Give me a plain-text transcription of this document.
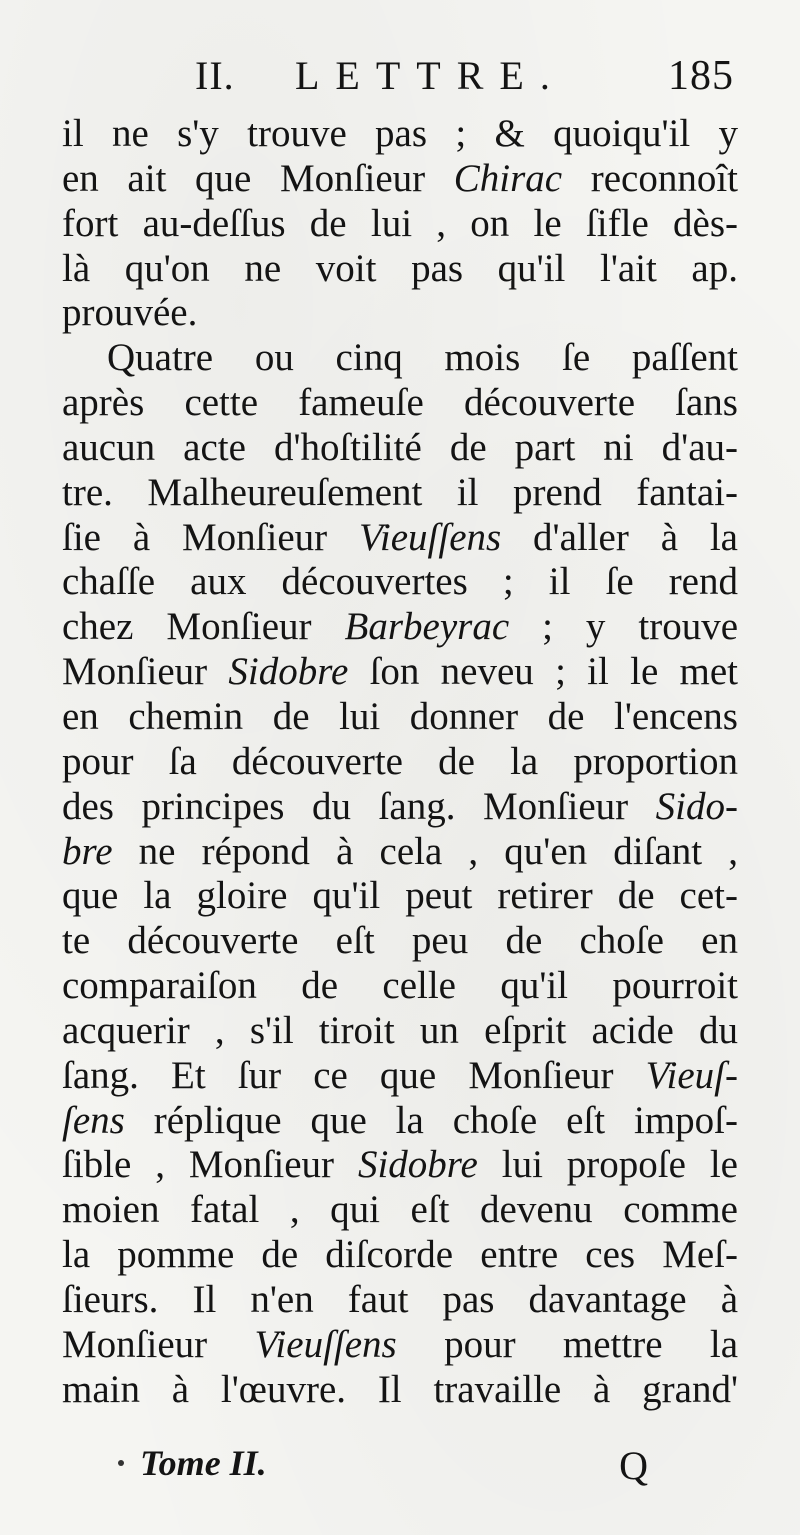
II. LETTRE. 185
il ne s'y trouve pas ; & quoiqu'il y
en ait que Monſieur Chirac reconnoît
fort au-deſſus de lui , on le ſifle dès-
là qu'on ne voit pas qu'il l'ait ap.
prouvée.
Quatre ou cinq mois ſe paſſent
après cette fameuſe découverte ſans
aucun acte d'hoſtilité de part ni d'au-
tre. Malheureuſement il prend fantai-
ſie à Monſieur Vieuſſens d'aller à la
chaſſe aux découvertes ; il ſe rend
chez Monſieur Barbeyrac ; y trouve
Monſieur Sidobre ſon neveu ; il le met
en chemin de lui donner de l'encens
pour ſa découverte de la proportion
des principes du ſang. Monſieur Sido-
bre ne répond à cela , qu'en diſant ,
que la gloire qu'il peut retirer de cet-
te découverte eſt peu de choſe en
comparaiſon de celle qu'il pourroit
acquerir , s'il tiroit un eſprit acide du
ſang. Et ſur ce que Monſieur Vieuſ-
ſens réplique que la choſe eſt impoſ-
ſible , Monſieur Sidobre lui propoſe le
moien fatal , qui eſt devenu comme
la pomme de diſcorde entre ces Meſ-
ſieurs. Il n'en faut pas davantage à
Monſieur Vieuſſens pour mettre la
main à l'œuvre. Il travaille à grand'
Tome II.	Q
